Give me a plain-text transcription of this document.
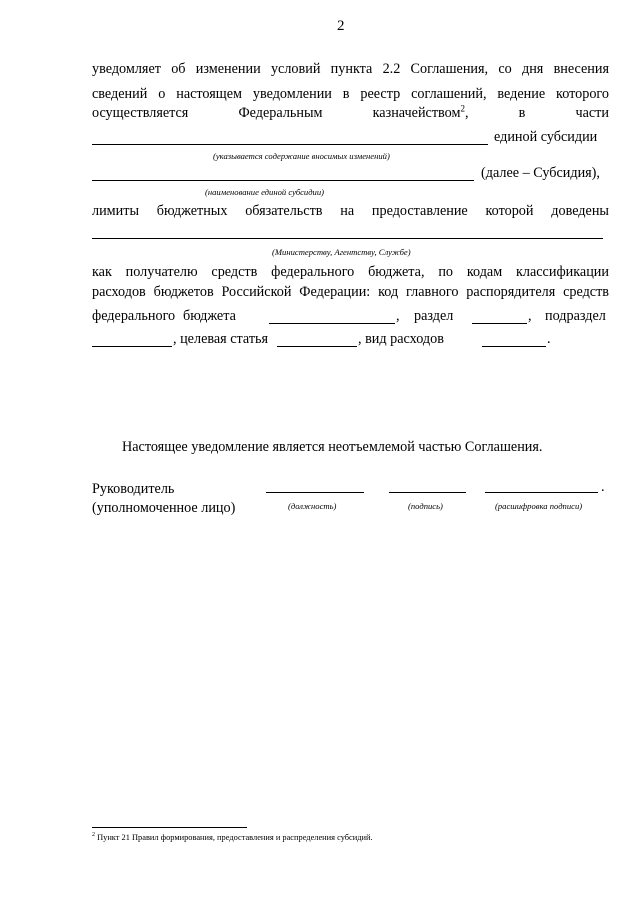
2
уведомляет об изменении условий пункта 2.2 Соглашения, со дня внесения
сведений о настоящем уведомлении в реестр соглашений, ведение которого
осуществляется	Федеральным	казначейством$^2$,	в	части
единой субсидии
(указывается содержание вносимых изменений)
(далее – Субсидия),
(наименование единой субсидии)
лимиты бюджетных обязательств на предоставление которой доведены
(Министерству, Агентству, Службе)
как получателю средств федерального бюджета, по кодам классификации
расходов бюджетов Российской Федерации: код главного распорядителя средств
федерального бюджета	, раздел	, подраздел
, целевая статья	, вид расходов	.
Настоящее уведомление является неотъемлемой частью Соглашения.
Руководитель
(уполномоченное лицо)
.
(должность)	(подпись)	(расшифровка подписи)
$^2$ Пункт 21 Правил формирования, предоставления и распределения субсидий.
